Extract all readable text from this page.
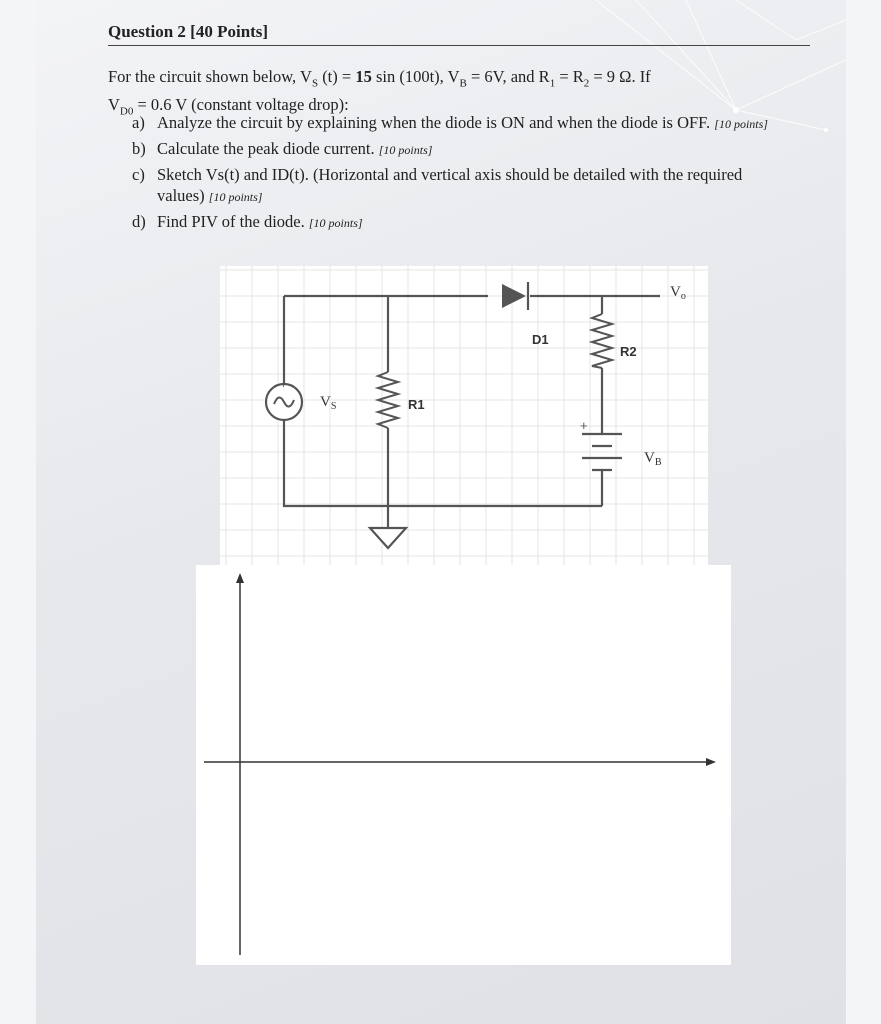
Question 2 [40 Points]
For the circuit shown below, $V_S$ (t) = 15 sin (100t), $V_B = 6V$, and $R_1 = R_2 = 9$ Ω. If
$V_{D0} = 0.6$ V (constant voltage drop):
a) Analyze the circuit by explaining when the diode is ON and when the diode is OFF. [10 points]
b) Calculate the peak diode current. [10 points]
c) Sketch Vs(t) and ID(t). (Horizontal and vertical axis should be detailed with the required values) [10 points]
d) Find PIV of the diode. [10 points]
+
$V_S$	R1
D1
R2
+
$V_B$
$V_o$
